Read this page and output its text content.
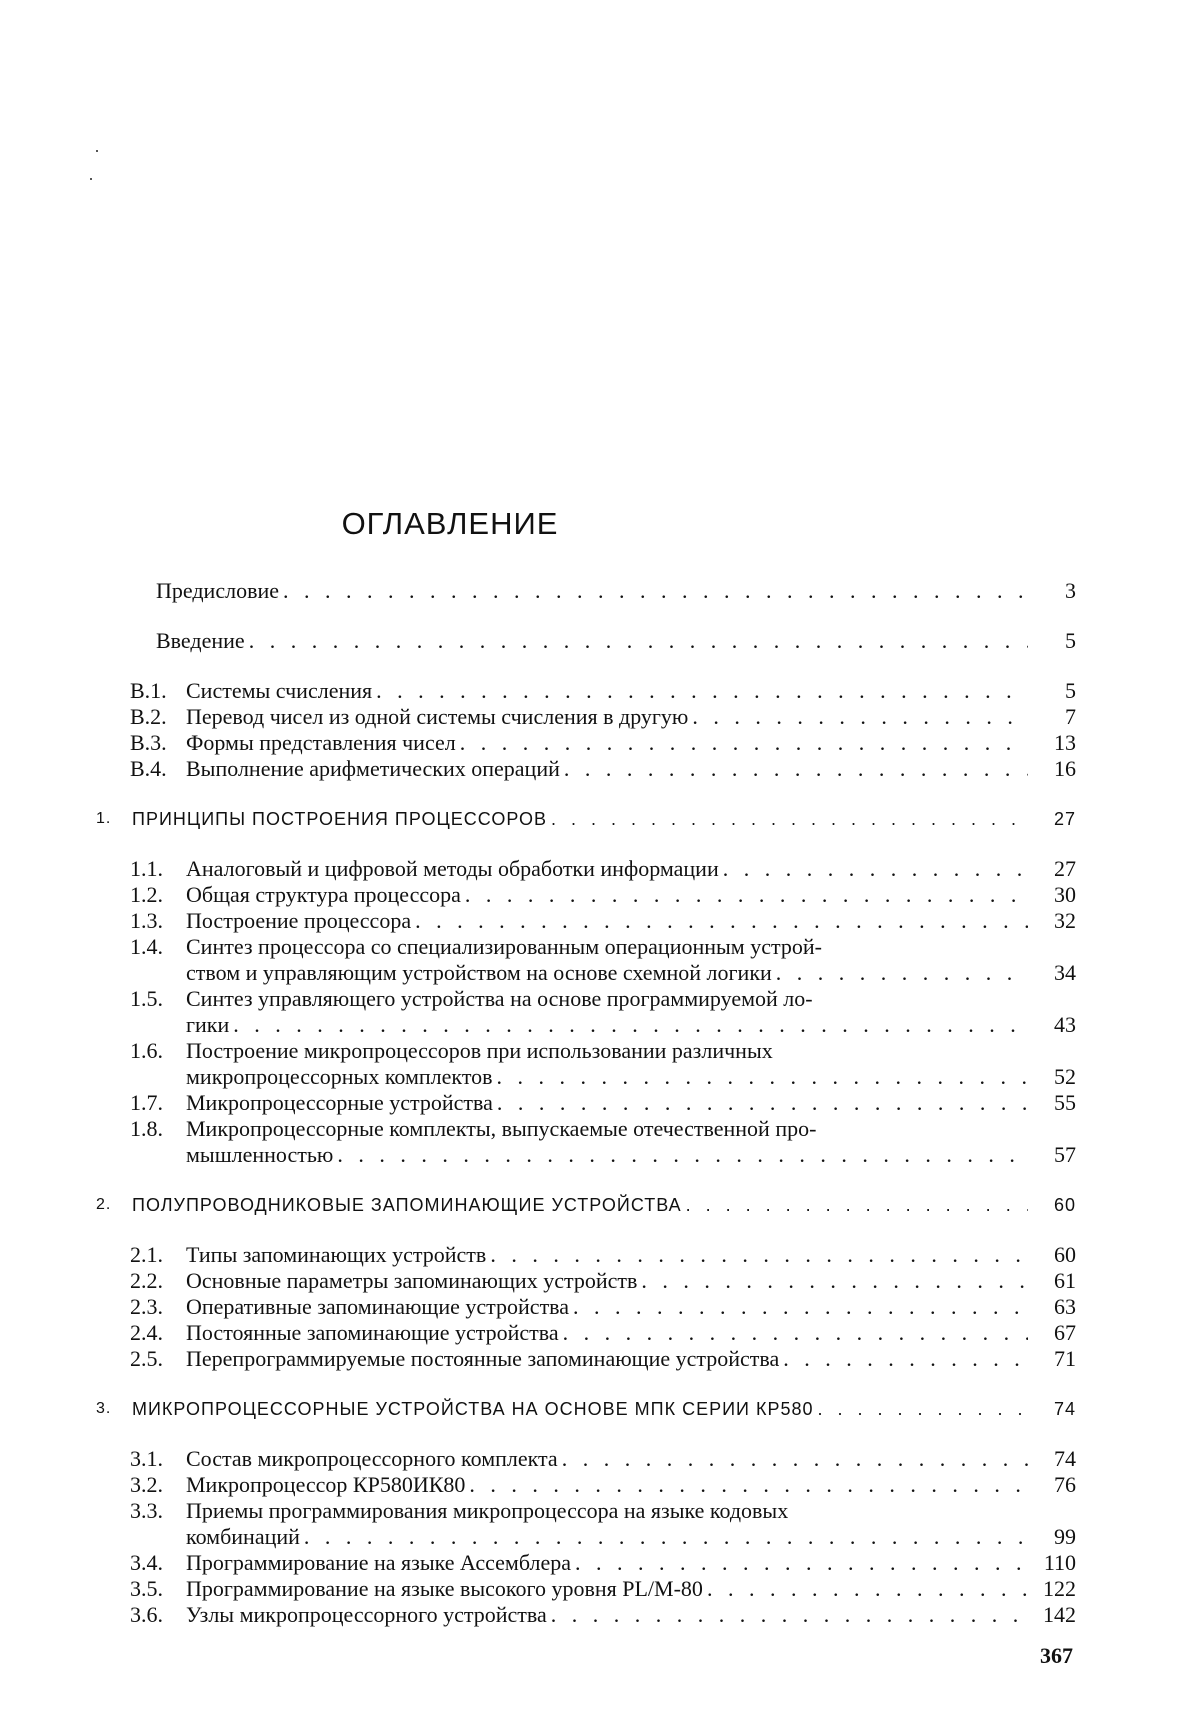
ОГЛАВЛЕНИЕ
Предисловие . . .	3
Введение . . .	5
В.1. Системы счисления . . .	5
В.2. Перевод чисел из одной системы счисления в другую . . .	7
В.3. Формы представления чисел . . .	13
В.4. Выполнение арифметических операций . . .	16
1.	ПРИНЦИПЫ ПОСТРОЕНИЯ ПРОЦЕССОРОВ . . .	27
1.1.	Аналоговый и цифровой методы обработки информации . . .	27
1.2.	Общая структура процессора . . .	30
1.3.	Построение процессора . . .	32
1.4.	Синтез процессора со специализированным операционным устрой-
ством и управляющим устройством на основе схемной логики . . .	34
1.5.	Синтез управляющего устройства на основе программируемой ло-
гики . . .	43
1.6.	Построение микропроцессоров при использовании различных
микропроцессорных комплектов . . .	52
1.7.	Микропроцессорные устройства . . .	55
1.8.	Микропроцессорные комплекты, выпускаемые отечественной про-
мышленностью . . .	57
2.	ПОЛУПРОВОДНИКОВЫЕ ЗАПОМИНАЮЩИЕ УСТРОЙСТВА . . .	60
2.1.	Типы запоминающих устройств . . .	60
2.2.	Основные параметры запоминающих устройств . . .	61
2.3.	Оперативные запоминающие устройства . . .	63
2.4.	Постоянные запоминающие устройства . . .	67
2.5.	Перепрограммируемые постоянные запоминающие устройства . . .	71
3.	МИКРОПРОЦЕССОРНЫЕ УСТРОЙСТВА НА ОСНОВЕ МПК СЕРИИ КР580 . . .	74
3.1.	Состав микропроцессорного комплекта . . .	74
3.2.	Микропроцессор КР580ИК80 . . .	76
3.3.	Приемы программирования микропроцессора на языке кодовых
комбинаций . . .	99
3.4.	Программирование на языке Ассемблера . . .	110
3.5.	Программирование на языке высокого уровня PL/M-80 . . .	122
3.6.	Узлы микропроцессорного устройства . . .	142
367
